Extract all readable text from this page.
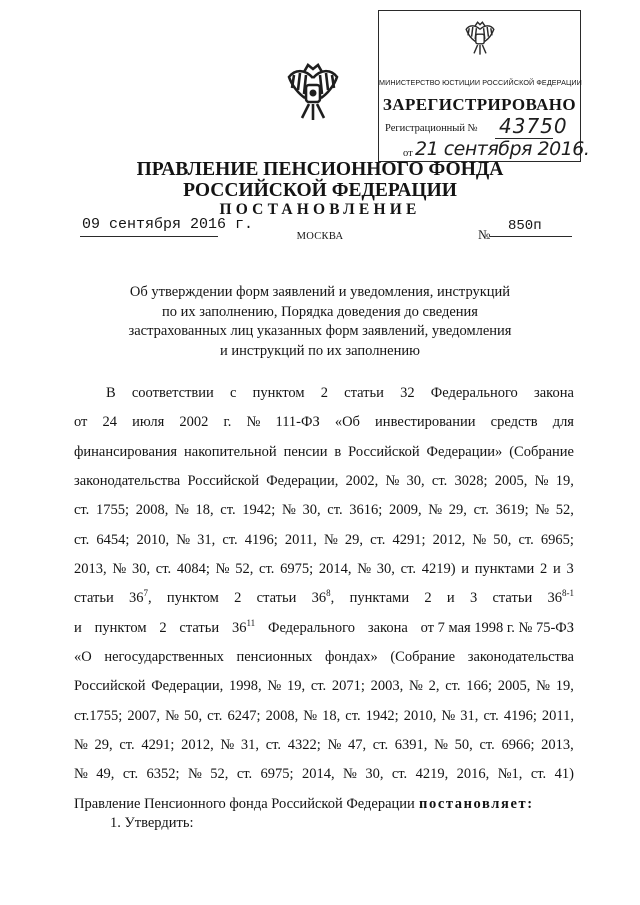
МИНИСТЕРСТВО ЮСТИЦИИ РОССИЙСКОЙ ФЕДЕРАЦИИ
ЗАРЕГИСТРИРОВАНО
Регистрационный № 43750
от 21 сентября 2016.
ПРАВЛЕНИЕ ПЕНСИОННОГО ФОНДА
РОССИЙСКОЙ ФЕДЕРАЦИИ
ПОСТАНОВЛЕНИЕ
09 сентября 2016 г.
МОСКВА	№
850п
Об утверждении форм заявлений и уведомления, инструкций
по их заполнению, Порядка доведения до сведения
застрахованных лиц указанных форм заявлений, уведомления
и инструкций по их заполнению
В соответствии с пунктом 2 статьи 32 Федерального закона
от 24 июля 2002 г. № 111-ФЗ «Об инвестировании средств для
финансирования накопительной пенсии в Российской Федерации» (Собрание
законодательства Российской Федерации, 2002, № 30, ст. 3028; 2005, № 19,
ст. 1755; 2008, № 18, ст. 1942; № 30, ст. 3616; 2009, № 29, ст. 3619; № 52,
ст. 6454; 2010, № 31, ст. 4196; 2011, № 29, ст. 4291; 2012, № 50, ст. 6965;
2013, № 30, ст. 4084; № 52, ст. 6975; 2014, № 30, ст. 4219) и пунктами 2 и 3
статьи $36^7$, пунктом 2 статьи $36^8$, пунктами 2 и 3 статьи 36$^{8-1}$
и пунктом 2 статьи $36^{11}$ Федерального закона от 7 мая 1998 г. № 75-ФЗ
«О негосударственных пенсионных фондах» (Собрание законодательства
Российской Федерации, 1998, № 19, ст. 2071; 2003, № 2, ст. 166; 2005, № 19,
ст.1755; 2007, № 50, ст. 6247; 2008, № 18, ст. 1942; 2010, № 31, ст. 4196; 2011,
№ 29, ст. 4291; 2012, № 31, ст. 4322; № 47, ст. 6391, № 50, ст. 6966; 2013,
№ 49, ст. 6352; № 52, ст. 6975; 2014, № 30, ст. 4219, 2016, №1, ст. 41)
Правление Пенсионного фонда Российской Федерации постановляет:
1. Утвердить:
